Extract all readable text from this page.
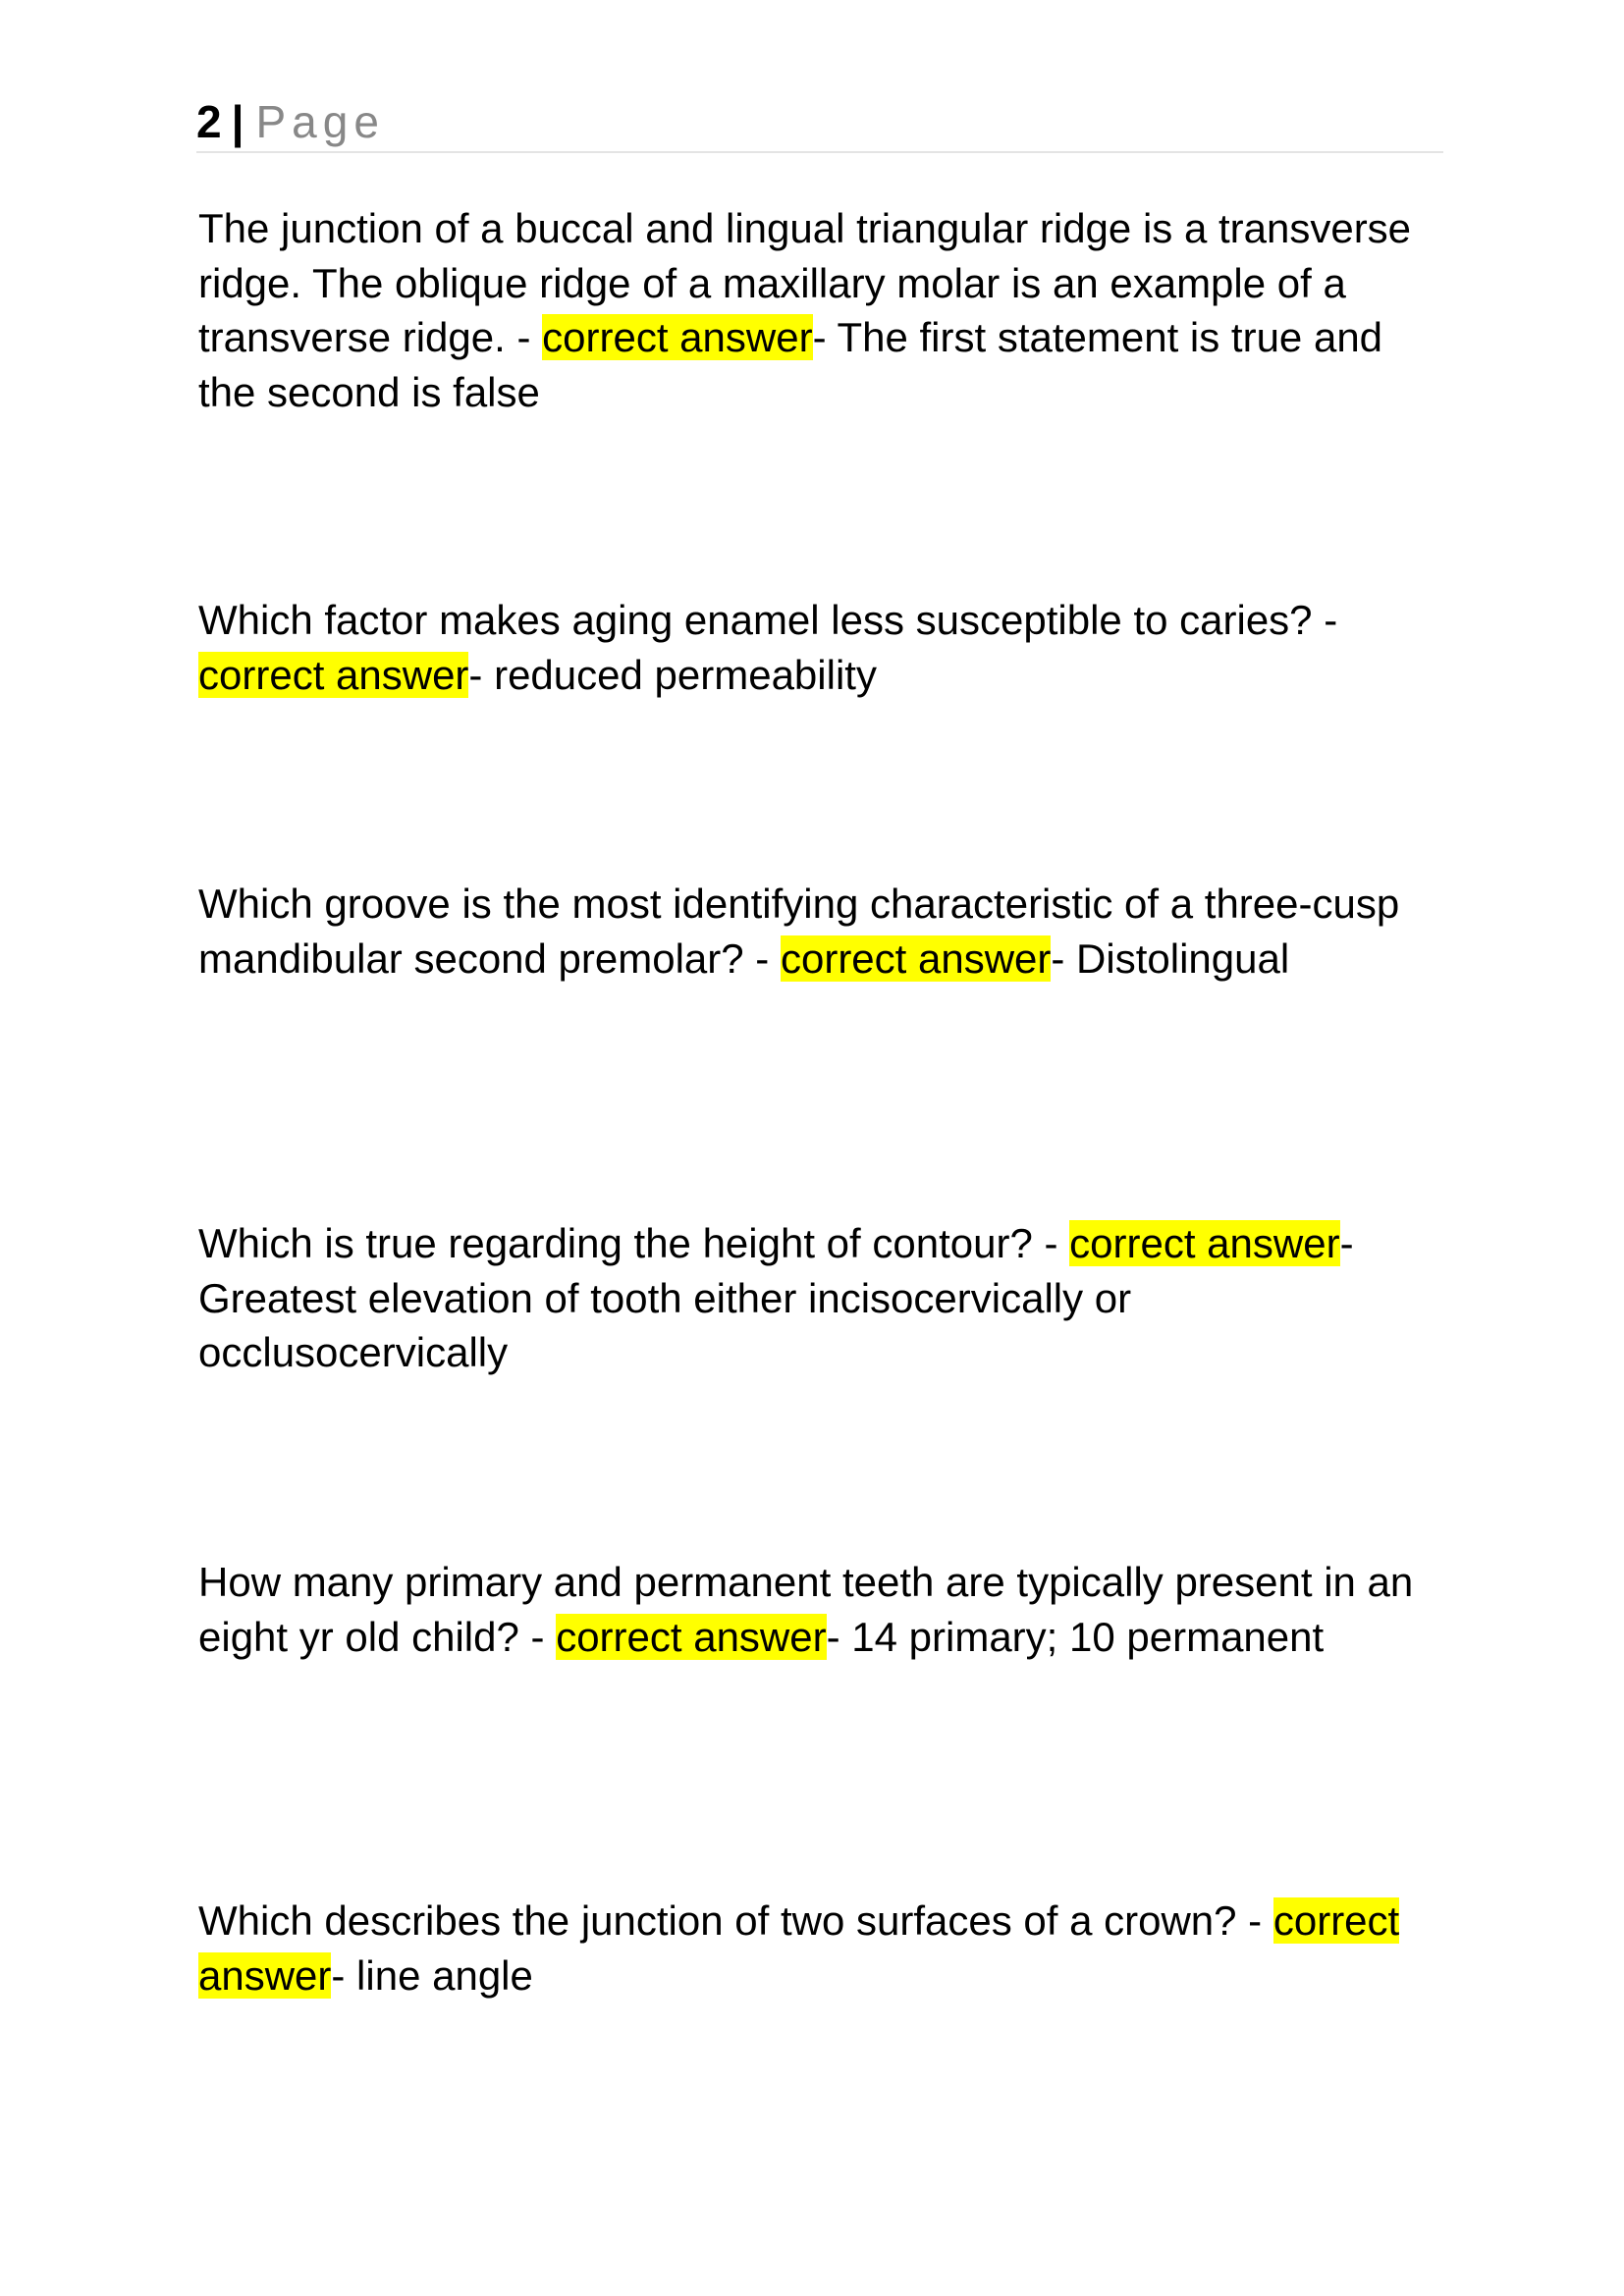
2 | Page

The junction of a buccal and lingual triangular ridge is a transverse ridge. The oblique ridge of a maxillary molar is an example of a transverse ridge. - correct answer- The first statement is true and the second is false

Which factor makes aging enamel less susceptible to caries? - correct answer- reduced permeability

Which groove is the most identifying characteristic of a three-cusp mandibular second premolar? - correct answer- Distolingual

Which is true regarding the height of contour? - correct answer- Greatest elevation of tooth either incisocervically or occlusocervically

How many primary and permanent teeth are typically present in an eight yr old child? - correct answer- 14 primary; 10 permanent

Which describes the junction of two surfaces of a crown? - correct answer- line angle
